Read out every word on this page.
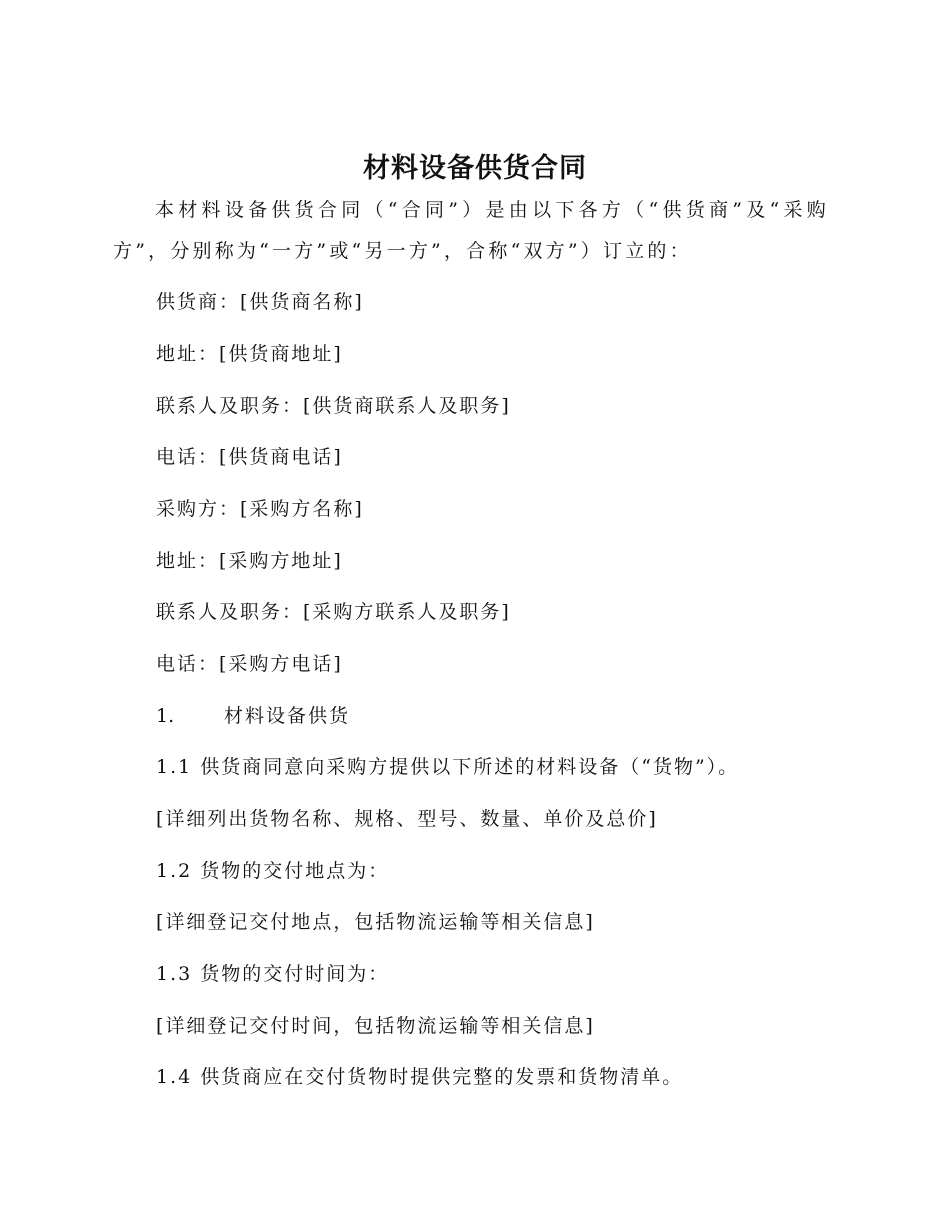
材料设备供货合同

本材料设备供货合同（“合同”）是由以下各方（“供货商”及“采购方”，分别称为“一方”或“另一方”，合称“双方”）订立的：

供货商：[供货商名称]

地址：[供货商地址]

联系人及职务：[供货商联系人及职务]

电话：[供货商电话]

采购方：[采购方名称]

地址：[采购方地址]

联系人及职务：[采购方联系人及职务]

电话：[采购方电话]

1.	材料设备供货

1.1 供货商同意向采购方提供以下所述的材料设备（“货物”）。

[详细列出货物名称、规格、型号、数量、单价及总价]

1.2 货物的交付地点为：

[详细登记交付地点，包括物流运输等相关信息]

1.3 货物的交付时间为：

[详细登记交付时间，包括物流运输等相关信息]

1.4 供货商应在交付货物时提供完整的发票和货物清单。
